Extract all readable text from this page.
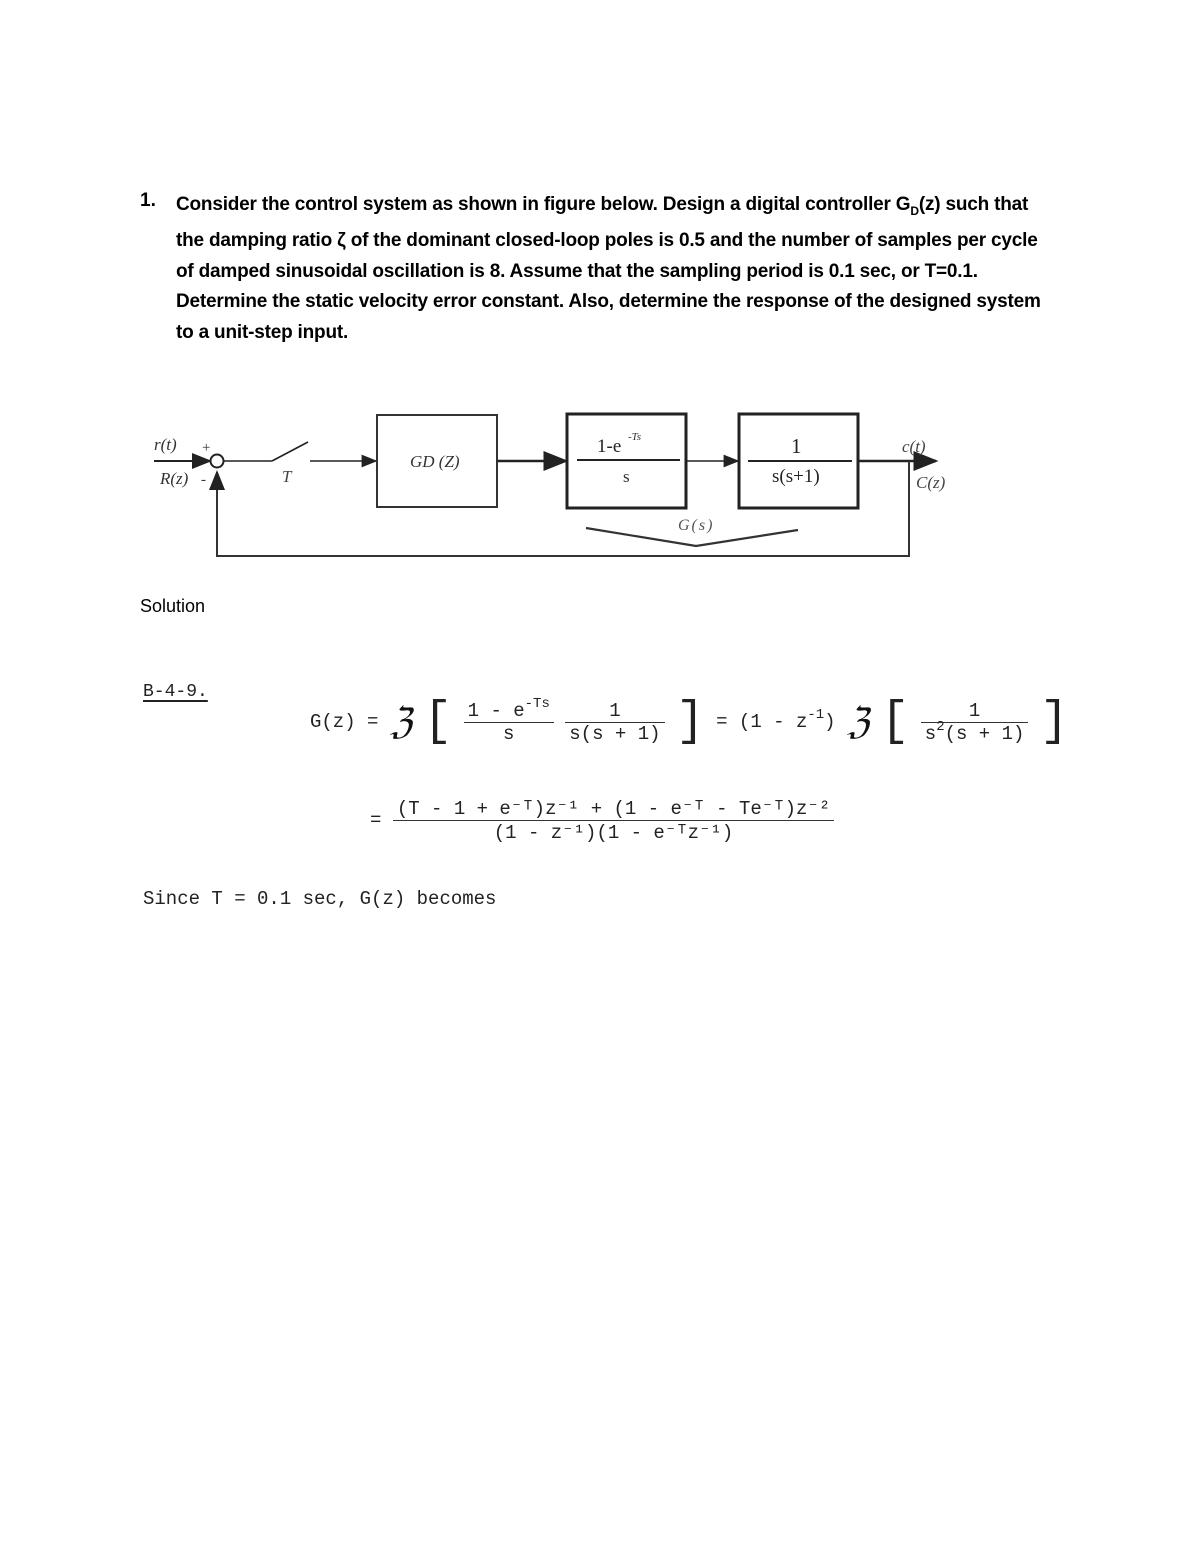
1. Consider the control system as shown in figure below. Design a digital controller $G_D(z)$ such that
the damping ratio ζ of the dominant closed-loop poles is 0.5 and the number of samples per cycle
of damped sinusoidal oscillation is 8. Assume that the sampling period is 0.1 sec, or T=0.1.
Determine the static velocity error constant. Also, determine the response of the designed system
to a unit-step input.
r(t) +
R(z) -	T
GD (Z)
1-e -Ts
s
1
s(s+1)
c(t)
C(z)
G(s)
Solution
B-4-9.
G(z) = ℨ [ $\frac{1 - e^{-Ts}}{s}$
$\frac{1}{s(s + 1)}$ ] = $(1 - z^{-1})$ ℨ [ $\frac{1}{s^2(s + 1)}$ ]
= $\frac{\text{(T - 1 + e⁻ᵀ)z⁻¹ + (1 - e⁻ᵀ - Te⁻ᵀ)z⁻²}}{\text{(1 - z⁻¹)(1 - e⁻ᵀz⁻¹)}}$
Since T = 0.1 sec, G(z) becomes
